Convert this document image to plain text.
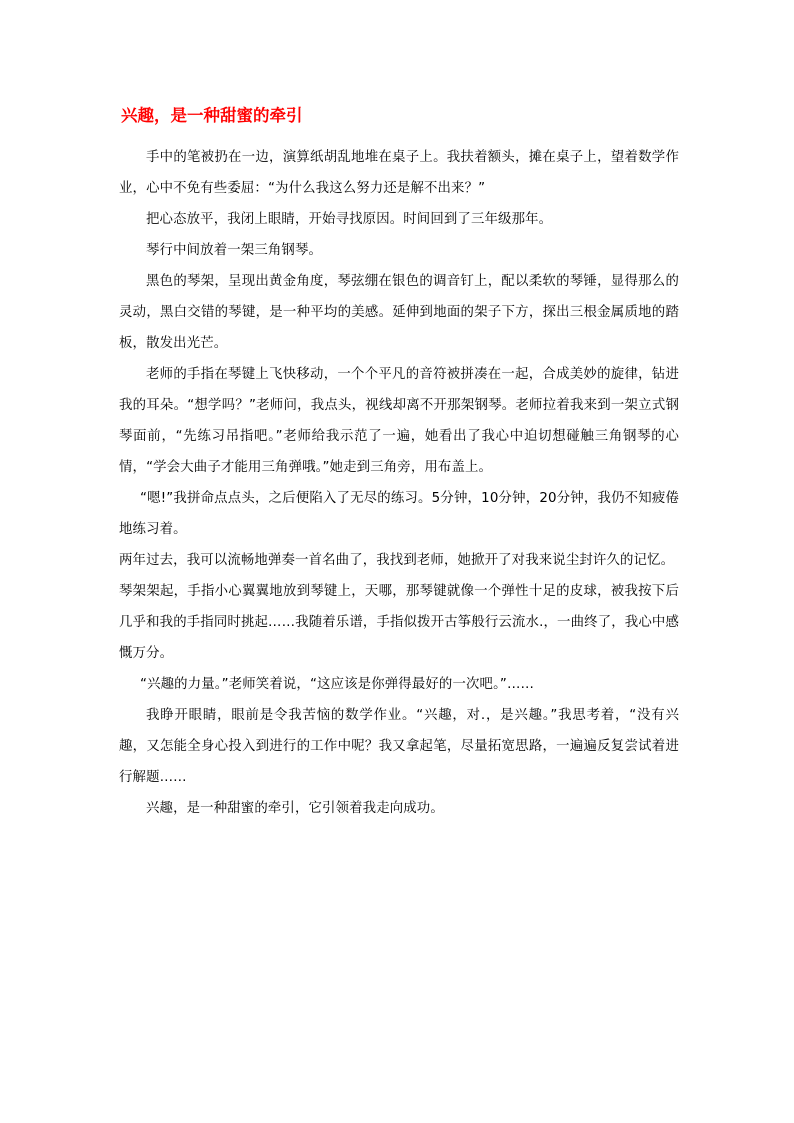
兴趣，是一种甜蜜的牵引

手中的笔被扔在一边，演算纸胡乱地堆在桌子上。我扶着额头，摊在桌子上，望着数学作业，心中不免有些委屈：“为什么我这么努力还是解不出来？”

把心态放平，我闭上眼睛，开始寻找原因。时间回到了三年级那年。

琴行中间放着一架三角钢琴。

黑色的琴架，呈现出黄金角度，琴弦绷在银色的调音钉上，配以柔软的琴锤，显得那么的灵动，黑白交错的琴键，是一种平均的美感。延伸到地面的架子下方，探出三根金属质地的踏板，散发出光芒。

老师的手指在琴键上飞快移动，一个个平凡的音符被拼凑在一起，合成美妙的旋律，钻进我的耳朵。“想学吗？”老师问，我点头，视线却离不开那架钢琴。老师拉着我来到一架立式钢琴面前，“先练习吊指吧。”老师给我示范了一遍，她看出了我心中迫切想碰触三角钢琴的心情，“学会大曲子才能用三角弹哦。”她走到三角旁，用布盖上。

“嗯!”我拼命点点头，之后便陷入了无尽的练习。5分钟，10分钟，20分钟，我仍不知疲倦地练习着。

两年过去，我可以流畅地弹奏一首名曲了，我找到老师，她掀开了对我来说尘封许久的记忆。

琴架架起，手指小心翼翼地放到琴键上，天哪，那琴键就像一个弹性十足的皮球，被我按下后几乎和我的手指同时挑起……我随着乐谱，手指似拨开古筝般行云流水.，一曲终了，我心中感慨万分。

“兴趣的力量。”老师笑着说，“这应该是你弹得最好的一次吧。”……

我睁开眼睛，眼前是令我苦恼的数学作业。“兴趣，对.，是兴趣。”我思考着，“没有兴趣，又怎能全身心投入到进行的工作中呢？我又拿起笔，尽量拓宽思路，一遍遍反复尝试着进行解题……

兴趣，是一种甜蜜的牵引，它引领着我走向成功。
